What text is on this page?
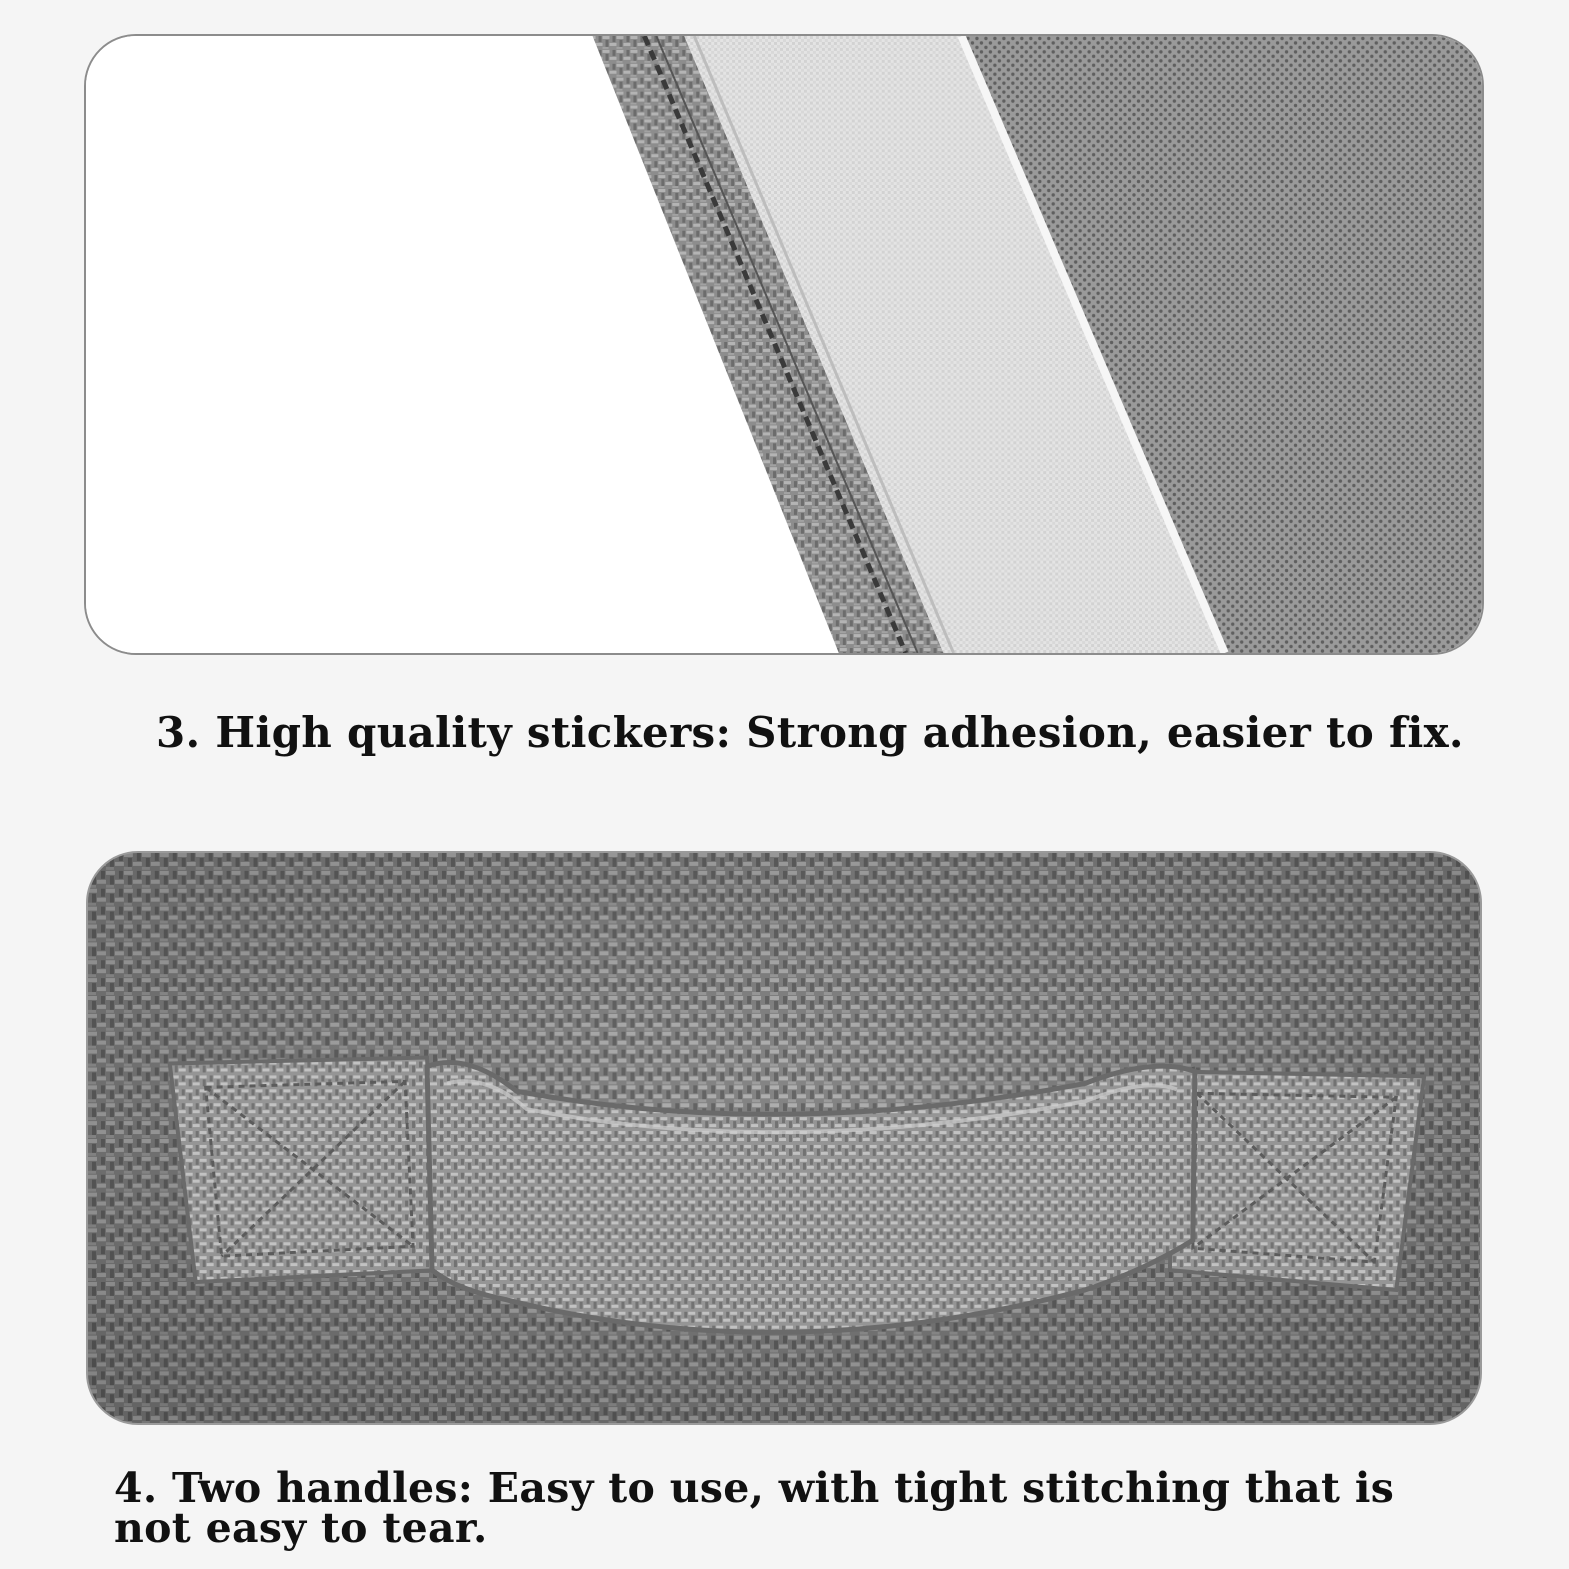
3. High quality stickers: Strong adhesion, easier to fix.

4. Two handles: Easy to use, with tight stitching that is not easy to tear.
